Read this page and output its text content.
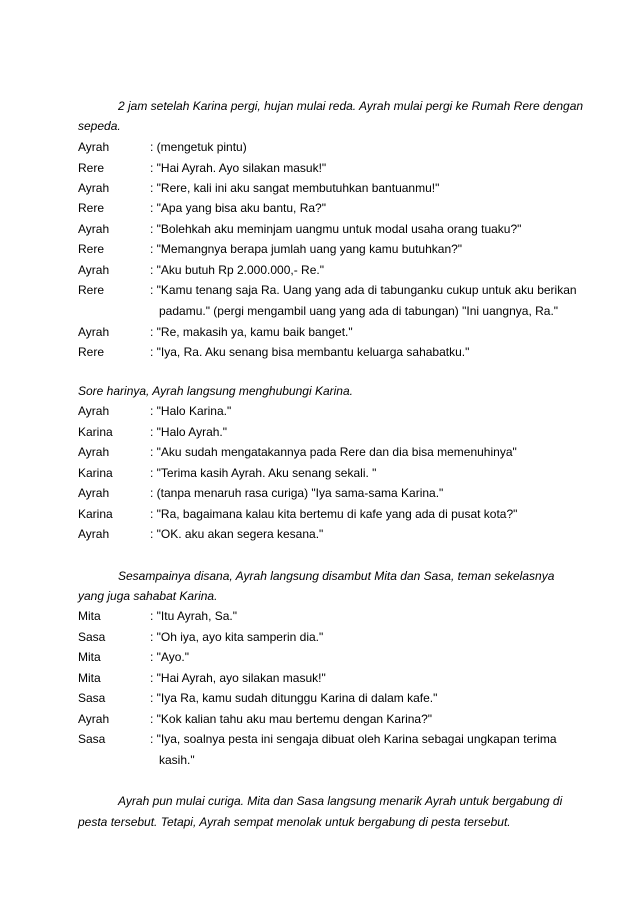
2 jam setelah Karina pergi, hujan mulai reda. Ayrah mulai pergi ke Rumah Rere dengan
sepeda.
Ayrah	: (mengetuk pintu)
Rere	: "Hai Ayrah. Ayo silakan masuk!"
Ayrah	: "Rere, kali ini aku sangat membutuhkan bantuanmu!"
Rere	: "Apa yang bisa aku bantu, Ra?"
Ayrah	: "Bolehkah aku meminjam uangmu untuk modal usaha orang tuaku?"
Rere	: "Memangnya berapa jumlah uang yang kamu butuhkan?"
Ayrah	: "Aku butuh Rp 2.000.000,- Re."
Rere	: "Kamu tenang saja Ra. Uang yang ada di tabunganku cukup untuk aku berikan
padamu." (pergi mengambil uang yang ada di tabungan) "Ini uangnya, Ra."
Ayrah	: "Re, makasih ya, kamu baik banget."
Rere	: "Iya, Ra. Aku senang bisa membantu keluarga sahabatku."
Sore harinya, Ayrah langsung menghubungi Karina.
Ayrah	: "Halo Karina."
Karina	: "Halo Ayrah."
Ayrah	: "Aku sudah mengatakannya pada Rere dan dia bisa memenuhinya"
Karina	: "Terima kasih Ayrah. Aku senang sekali. "
Ayrah	: (tanpa menaruh rasa curiga) "Iya sama-sama Karina."
Karina	: "Ra, bagaimana kalau kita bertemu di kafe yang ada di pusat kota?"
Ayrah	: "OK. aku akan segera kesana."
Sesampainya disana, Ayrah langsung disambut Mita dan Sasa, teman sekelasnya
yang juga sahabat Karina.
Mita	: "Itu Ayrah, Sa."
Sasa	: "Oh iya, ayo kita samperin dia."
Mita	: "Ayo."
Mita	: "Hai Ayrah, ayo silakan masuk!"
Sasa	: "Iya Ra, kamu sudah ditunggu Karina di dalam kafe."
Ayrah	: "Kok kalian tahu aku mau bertemu dengan Karina?"
Sasa	: "Iya, soalnya pesta ini sengaja dibuat oleh Karina sebagai ungkapan terima
kasih."
Ayrah pun mulai curiga. Mita dan Sasa langsung menarik Ayrah untuk bergabung di
pesta tersebut. Tetapi, Ayrah sempat menolak untuk bergabung di pesta tersebut.
